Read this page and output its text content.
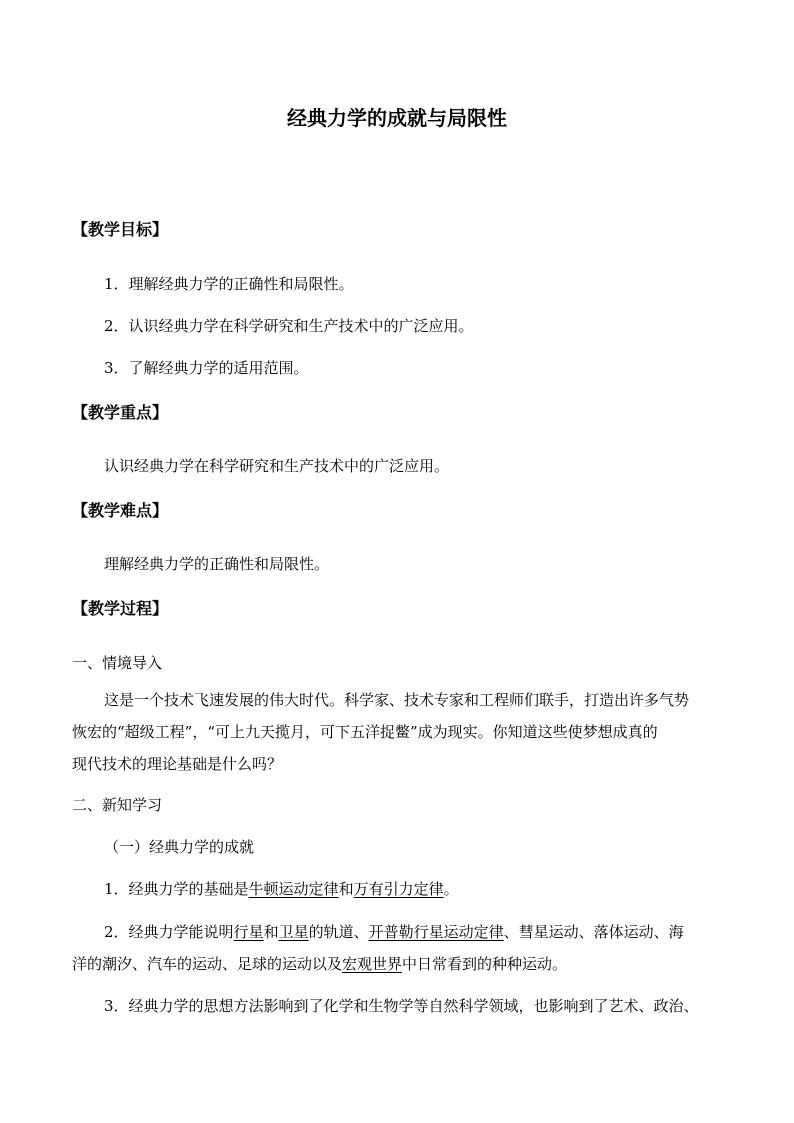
经典力学的成就与局限性
【教学目标】
1．理解经典力学的正确性和局限性。
2．认识经典力学在科学研究和生产技术中的广泛应用。
3．了解经典力学的适用范围。
【教学重点】
认识经典力学在科学研究和生产技术中的广泛应用。
【教学难点】
理解经典力学的正确性和局限性。
【教学过程】
一、情境导入
这是一个技术飞速发展的伟大时代。科学家、技术专家和工程师们联手，打造出许多气势
恢宏的“超级工程”，“可上九天揽月，可下五洋捉鳖”成为现实。你知道这些使梦想成真的
现代技术的理论基础是什么吗？
二、新知学习
（一）经典力学的成就
1．经典力学的基础是牛顿运动定律和万有引力定律。
2．经典力学能说明行星和卫星的轨道、开普勒行星运动定律、彗星运动、落体运动、海
洋的潮汐、汽车的运动、足球的运动以及宏观世界中日常看到的种种运动。
3．经典力学的思想方法影响到了化学和生物学等自然科学领域，也影响到了艺术、政治、
